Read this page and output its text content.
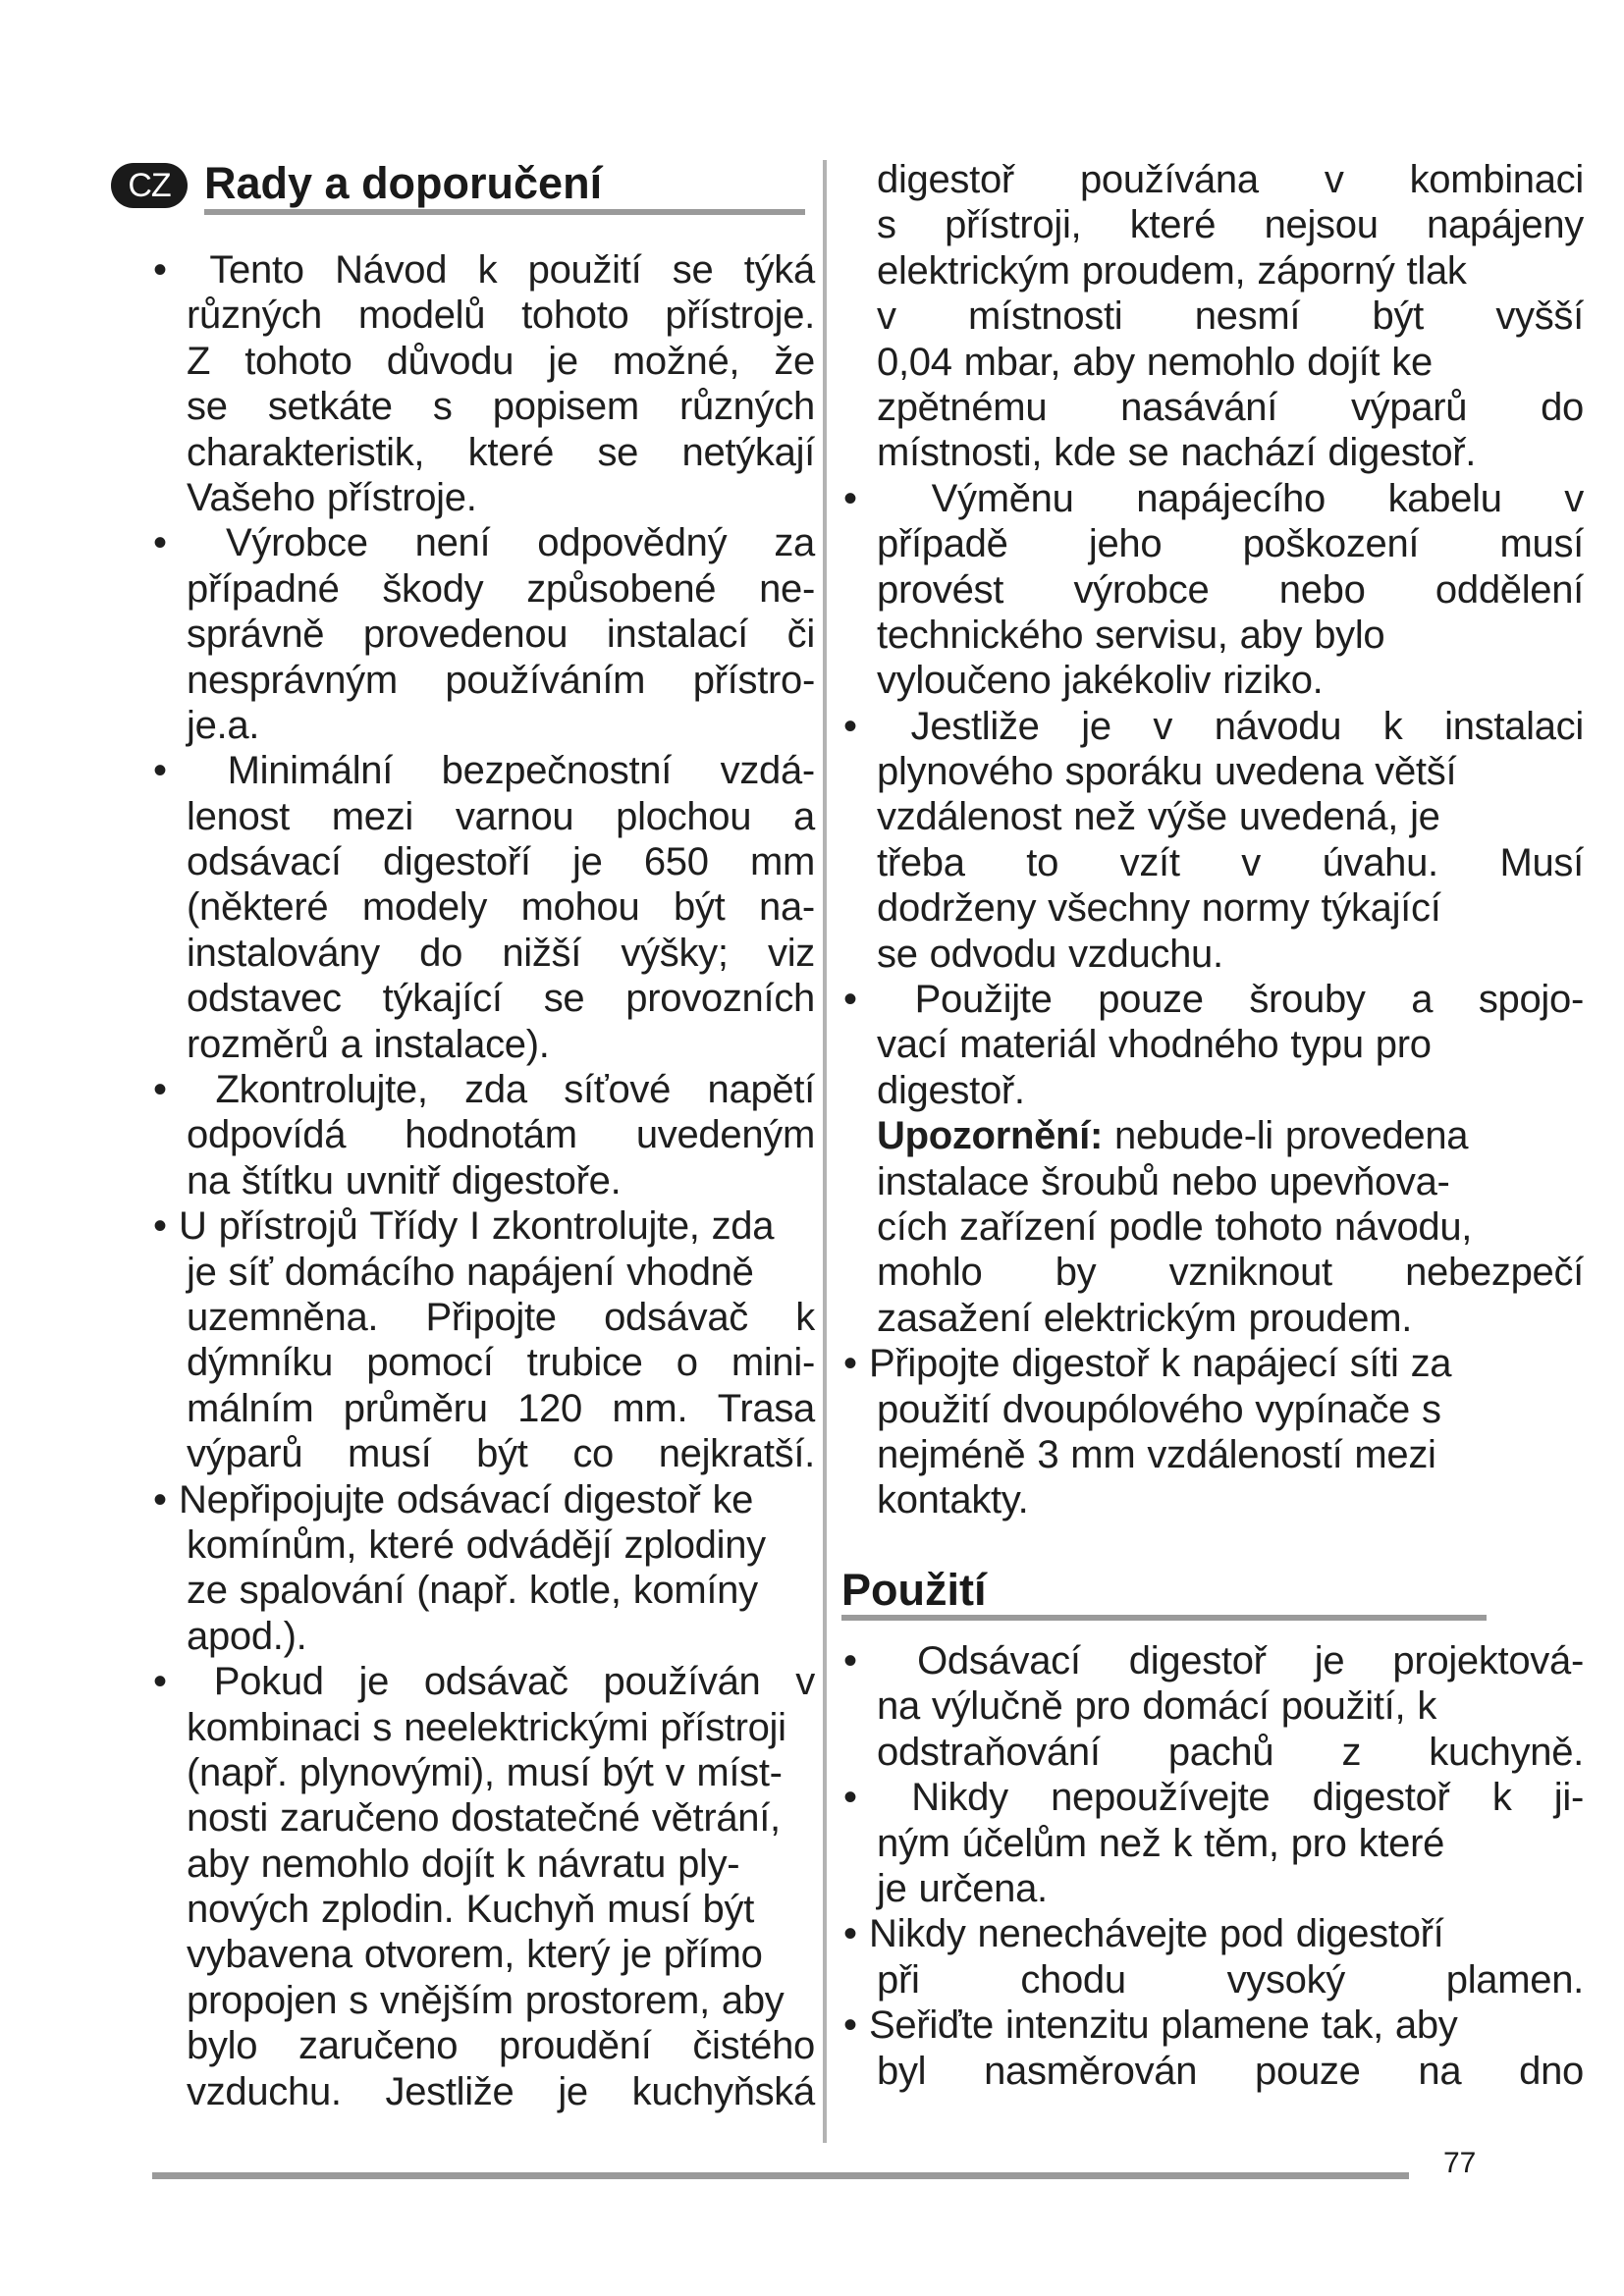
CZ Rady a doporučení
•	Tento Návod k použití se týká
různých modelů tohoto přístroje.
Z tohoto důvodu je možné, že
se setkáte s popisem různých
charakteristik, které se netýkají
Vašeho přístroje.
•	Výrobce není odpovědný za
případné škody způsobené ne-
správně provedenou instalací či
nesprávným používáním přístro-
je.a.
•	Minimální bezpečnostní vzdá-
lenost mezi varnou plochou a
odsávací digestoří je 650 mm
(některé modely mohou být na-
instalovány do nižší výšky; viz
odstavec týkající se provozních
rozměrů a instalace).
•	Zkontrolujte, zda síťové napětí
odpovídá hodnotám uvedeným
na štítku uvnitř digestoře.
• U přístrojů Třídy I zkontrolujte, zda
je síť domácího napájení vhodně
uzemněna. Připojte odsávač k
dýmníku pomocí trubice o mini-
málním průměru 120 mm. Trasa
výparů musí být co nejkratší.
• Nepřipojujte odsávací digestoř ke
komínům, které odvádějí zplodiny
ze spalování (např. kotle, komíny
apod.).
•	Pokud je odsávač používán v
kombinaci s neelektrickými přístroji
(např. plynovými), musí být v míst-
nosti zaručeno dostatečné větrání,
aby nemohlo dojít k návratu ply-
nových zplodin. Kuchyň musí být
vybavena otvorem, který je přímo
propojen s vnějším prostorem, aby
bylo zaručeno proudění čistého
vzduchu. Jestliže je kuchyňská
digestoř používána v kombinaci
s přístroji, které nejsou napájeny
elektrickým proudem, záporný tlak
v místnosti nesmí být vyšší
0,04 mbar, aby nemohlo dojít ke
zpětnému nasávání výparů do
místnosti, kde se nachází digestoř.
•	Výměnu napájecího kabelu v
případě jeho poškození musí
provést výrobce nebo oddělení
technického servisu, aby bylo
vyloučeno jakékoliv riziko.
•	Jestliže je v návodu k instalaci
plynového sporáku uvedena větší
vzdálenost než výše uvedená, je
třeba to vzít v úvahu. Musí
dodrženy všechny normy týkající
se odvodu vzduchu.
•	Použijte pouze šrouby a spojo-
vací materiál vhodného typu pro
digestoř.
Upozornění: nebude-li provedena
instalace šroubů nebo upevňova-
cích zařízení podle tohoto návodu,
mohlo by vzniknout nebezpečí
zasažení elektrickým proudem.
• Připojte digestoř k napájecí síti za
použití dvoupólového vypínače s
nejméně 3 mm vzdáleností mezi
kontakty.
Použití
•	Odsávací digestoř je projektová-
na výlučně pro domácí použití, k
odstraňování pachů z kuchyně.
•	Nikdy nepoužívejte digestoř k ji-
ným účelům než k těm, pro které
je určena.
• Nikdy nenechávejte pod digestoří
při	chodu	vysoký	plamen.
• Seřiďte intenzitu plamene tak, aby
byl nasměrován pouze na dno
77
